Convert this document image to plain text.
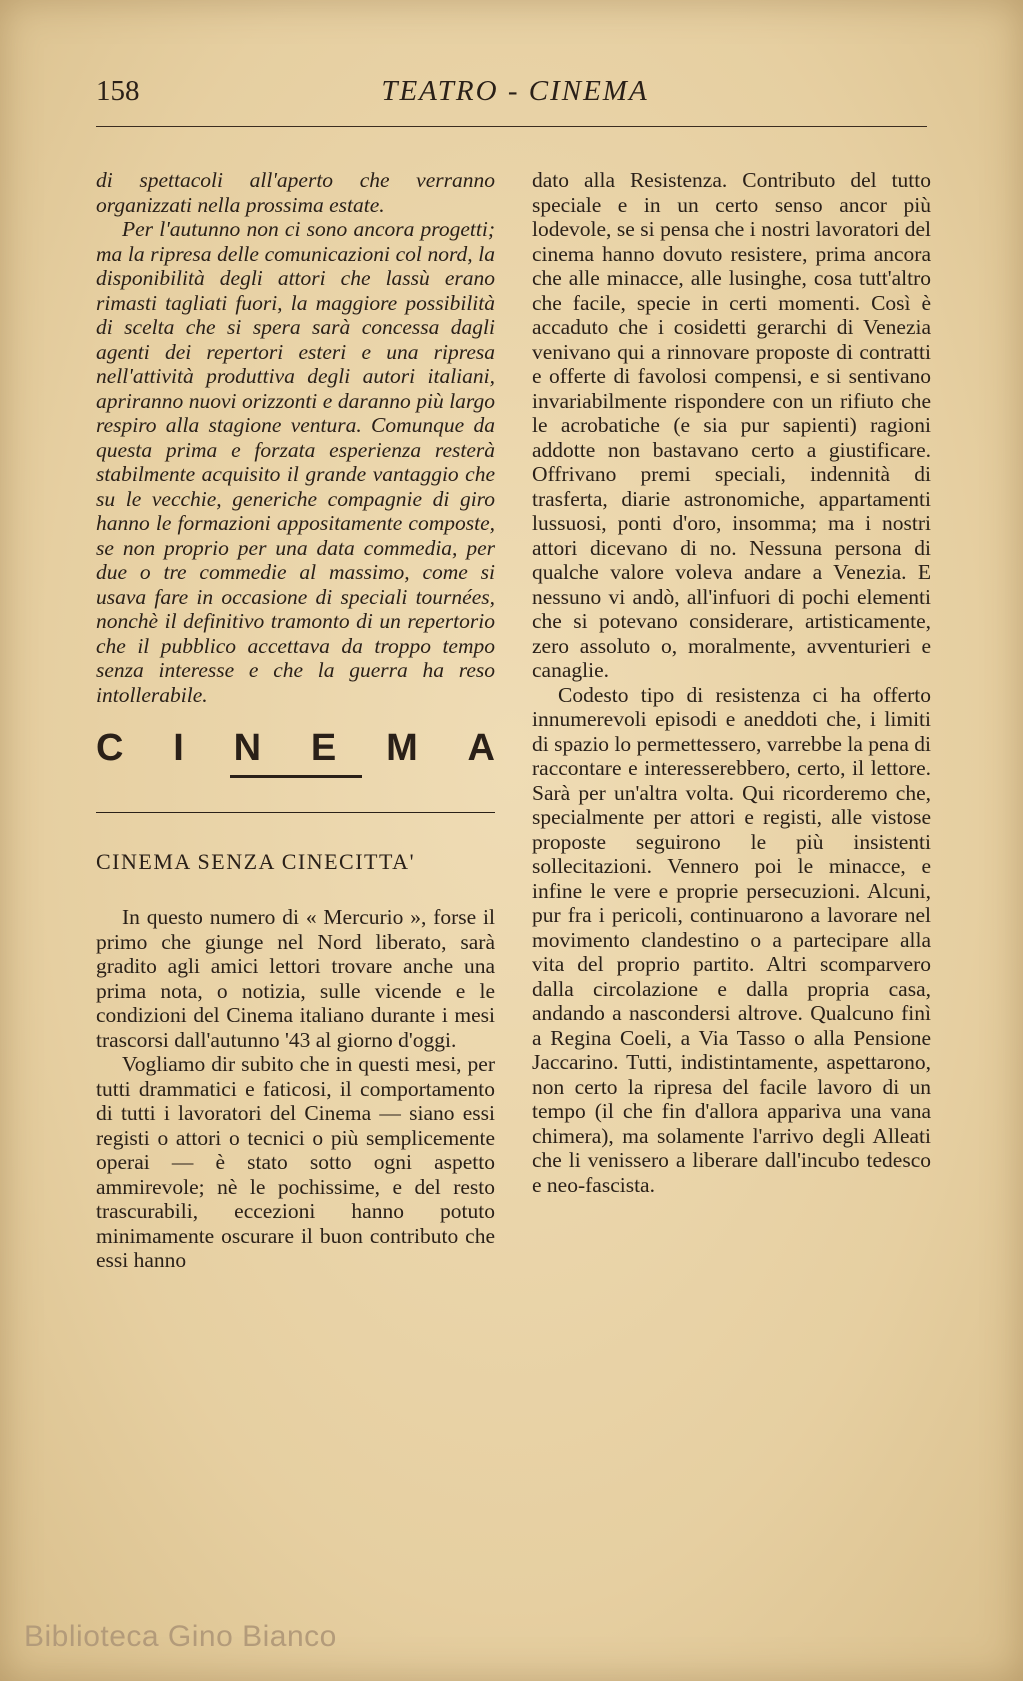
158	TEATRO - CINEMA

di spettacoli all'aperto che verranno organizzati nella prossima estate.

Per l'autunno non ci sono ancora progetti; ma la ripresa delle comunicazioni col nord, la disponibilità degli attori che lassù erano rimasti tagliati fuori, la maggiore possibilità di scelta che si spera sarà concessa dagli agenti dei repertori esteri e una ripresa nell'attività produttiva degli autori italiani, apriranno nuovi orizzonti e daranno più largo respiro alla stagione ventura. Comunque da questa prima e forzata esperienza resterà stabilmente acquisito il grande vantaggio che su le vecchie, generiche compagnie di giro hanno le formazioni appositamente composte, se non proprio per una data commedia, per due o tre commedie al massimo, come si usava fare in occasione di speciali tournées, nonchè il definitivo tramonto di un repertorio che il pubblico accettava da troppo tempo senza interesse e che la guerra ha reso intollerabile.

C I N E M A
CINEMA SENZA CINECITTA'

In questo numero di « Mercurio », forse il primo che giunge nel Nord liberato, sarà gradito agli amici lettori trovare anche una prima nota, o notizia, sulle vicende e le condizioni del Cinema italiano durante i mesi trascorsi dall'autunno '43 al giorno d'oggi.

Vogliamo dir subito che in questi mesi, per tutti drammatici e faticosi, il comportamento di tutti i lavoratori del Cinema — siano essi registi o attori o tecnici o più semplicemente operai — è stato sotto ogni aspetto ammirevole; nè le pochissime, e del resto trascurabili, eccezioni hanno potuto minimamente oscurare il buon contributo che essi hanno

dato alla Resistenza. Contributo del tutto speciale e in un certo senso ancor più lodevole, se si pensa che i nostri lavoratori del cinema hanno dovuto resistere, prima ancora che alle minacce, alle lusinghe, cosa tutt'altro che facile, specie in certi momenti. Così è accaduto che i cosidetti gerarchi di Venezia venivano qui a rinnovare proposte di contratti e offerte di favolosi compensi, e si sentivano invariabilmente rispondere con un rifiuto che le acrobatiche (e sia pur sapienti) ragioni addotte non bastavano certo a giustificare. Offrivano premi speciali, indennità di trasferta, diarie astronomiche, appartamenti lussuosi, ponti d'oro, insomma; ma i nostri attori dicevano di no. Nessuna persona di qualche valore voleva andare a Venezia. E nessuno vi andò, all'infuori di pochi elementi che si potevano considerare, artisticamente, zero assoluto o, moralmente, avventurieri e canaglie.

Codesto tipo di resistenza ci ha offerto innumerevoli episodi e aneddoti che, i limiti di spazio lo permettessero, varrebbe la pena di raccontare e interesserebbero, certo, il lettore. Sarà per un'altra volta. Qui ricorderemo che, specialmente per attori e registi, alle vistose proposte seguirono le più insistenti sollecitazioni. Vennero poi le minacce, e infine le vere e proprie persecuzioni. Alcuni, pur fra i pericoli, continuarono a lavorare nel movimento clandestino o a partecipare alla vita del proprio partito. Altri scomparvero dalla circolazione e dalla propria casa, andando a nascondersi altrove. Qualcuno finì a Regina Coeli, a Via Tasso o alla Pensione Jaccarino. Tutti, indistintamente, aspettarono, non certo la ripresa del facile lavoro di un tempo (il che fin d'allora appariva una vana chimera), ma solamente l'arrivo degli Alleati che li venissero a liberare dall'incubo tedesco e neo-fascista.

Biblioteca Gino Bianco
